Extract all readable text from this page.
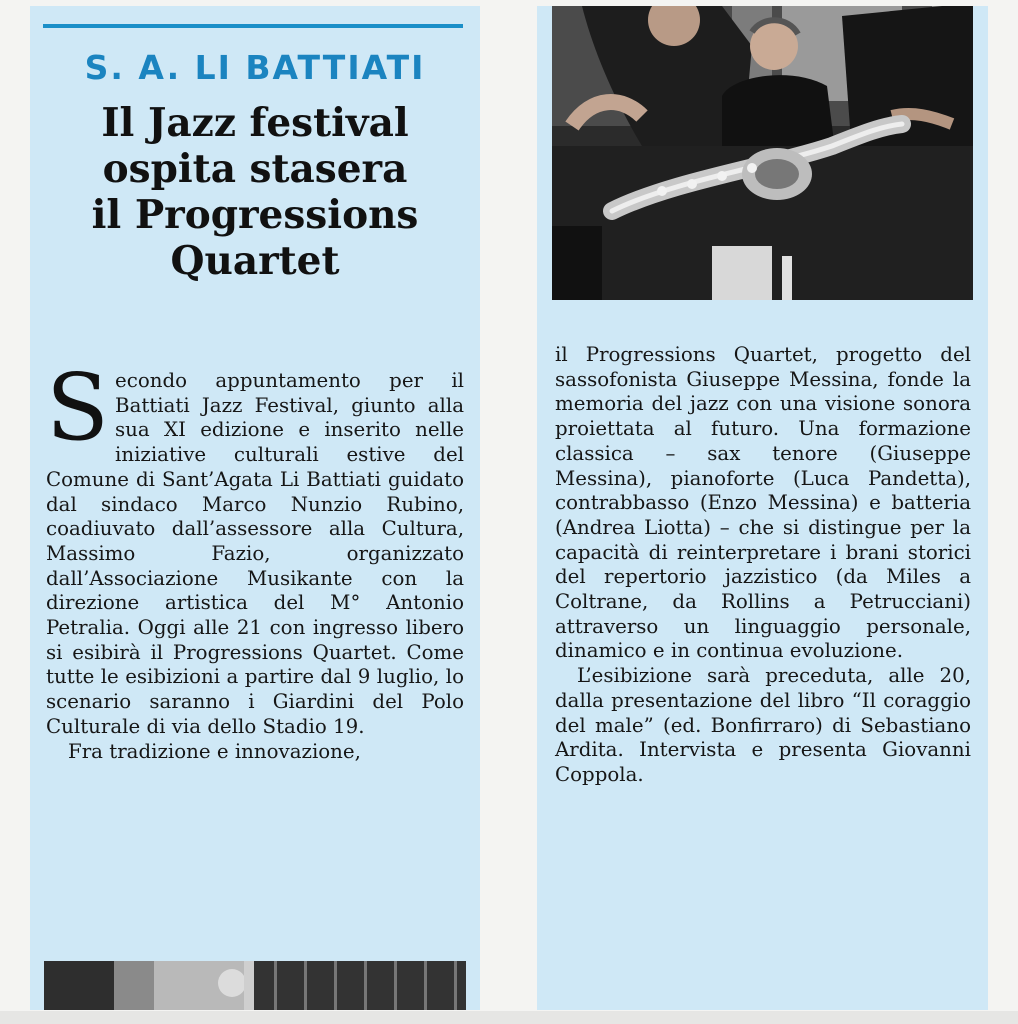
S. A. LI BATTIATI
Il Jazz festival
ospita stasera
il Progressions
Quartet

Secondo appuntamento per il Battiati Jazz Festival, giunto alla sua XI edizione e inserito nelle iniziative culturali estive del Comune di Sant’Agata Li Battiati guidato dal sindaco Marco Nunzio Rubino, coadiuvato dall’assessore alla Cultura, Massimo Fazio, organizzato dall’Associazione Musikante con la direzione artistica del M° Antonio Petralia. Oggi alle 21 con ingresso libero si esibirà il Progressions Quartet. Come tutte le esibizioni a partire dal 9 luglio, lo scenario saranno i Giardini del Polo Culturale di via dello Stadio 19.

Fra tradizione e innovazione,

il Progressions Quartet, progetto del sassofonista Giuseppe Messina, fonde la memoria del jazz con una visione sonora proiettata al futuro. Una formazione classica – sax tenore (Giuseppe Messina), pianoforte (Luca Pandetta), contrabbasso (Enzo Messina) e batteria (Andrea Liotta) – che si distingue per la capacità di reinterpretare i brani storici del repertorio jazzistico (da Miles a Coltrane, da Rollins a Petrucciani) attraverso un linguaggio personale, dinamico e in continua evoluzione.

L’esibizione sarà preceduta, alle 20, dalla presentazione del libro “Il coraggio del male” (ed. Bonfirraro) di Sebastiano Ardita. Intervista e presenta Giovanni Coppola.
